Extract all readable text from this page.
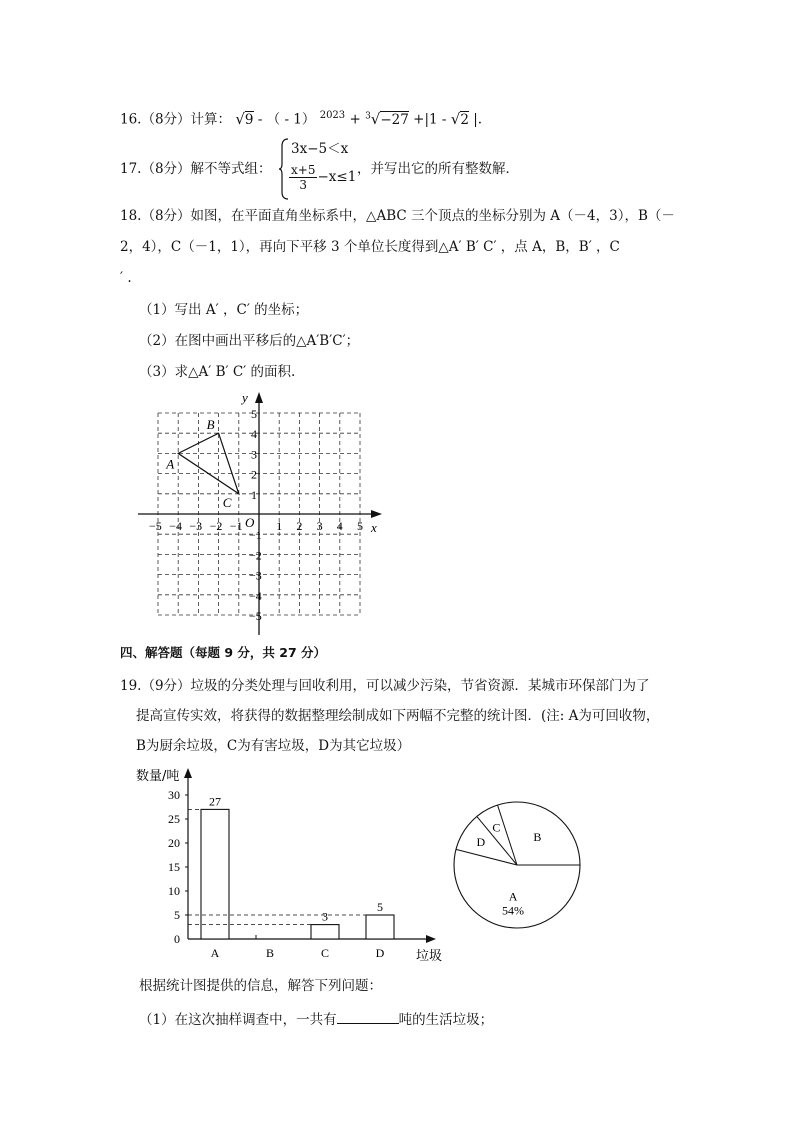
16.（8分）计算： √9 - （ - 1） $^{2023}$ + $^3$√−27 +|1 - √2 |.
17.（8分）解不等式组：
3x−5＜x
$\frac{x+5}{3} -x\le 1$ ，并写出它的所有整数解．
18.（8分）如图，在平面直角坐标系中，△ABC 三个顶点的坐标分别为 A（－4，3），B（－
2，4），C（－1，1），再向下平移 3 个单位长度得到△A′ B′ C′ ，点 A，B，B′ ，C
′ .
（1）写出 A′ ，C′ 的坐标；
（2）在图中画出平移后的△A′B′C′；
（3）求△A′ B′ C′ 的面积.
x
y
O
−5 −4 −3 −2 −1	1 2 3 4 5
5
4
3
2
1
−1
−2
−3
−4
−5
A
B
C
四、解答题（每题 9 分，共 27 分）
19.（9分）垃圾的分类处理与回收利用，可以减少污染，节省资源．某城市环保部门为了
提高宣传实效，将获得的数据整理绘制成如下两幅不完整的统计图．(注: A为可回收物，
B为厨余垃圾，C为有害垃圾，D为其它垃圾）
数量/吨
垃圾
0
5
10
15
20
25
30
A
27
B	C
3
D
5
A
54%
D
C
B
根据统计图提供的信息，解答下列问题：
（1）在这次抽样调查中，一共有	吨的生活垃圾；
